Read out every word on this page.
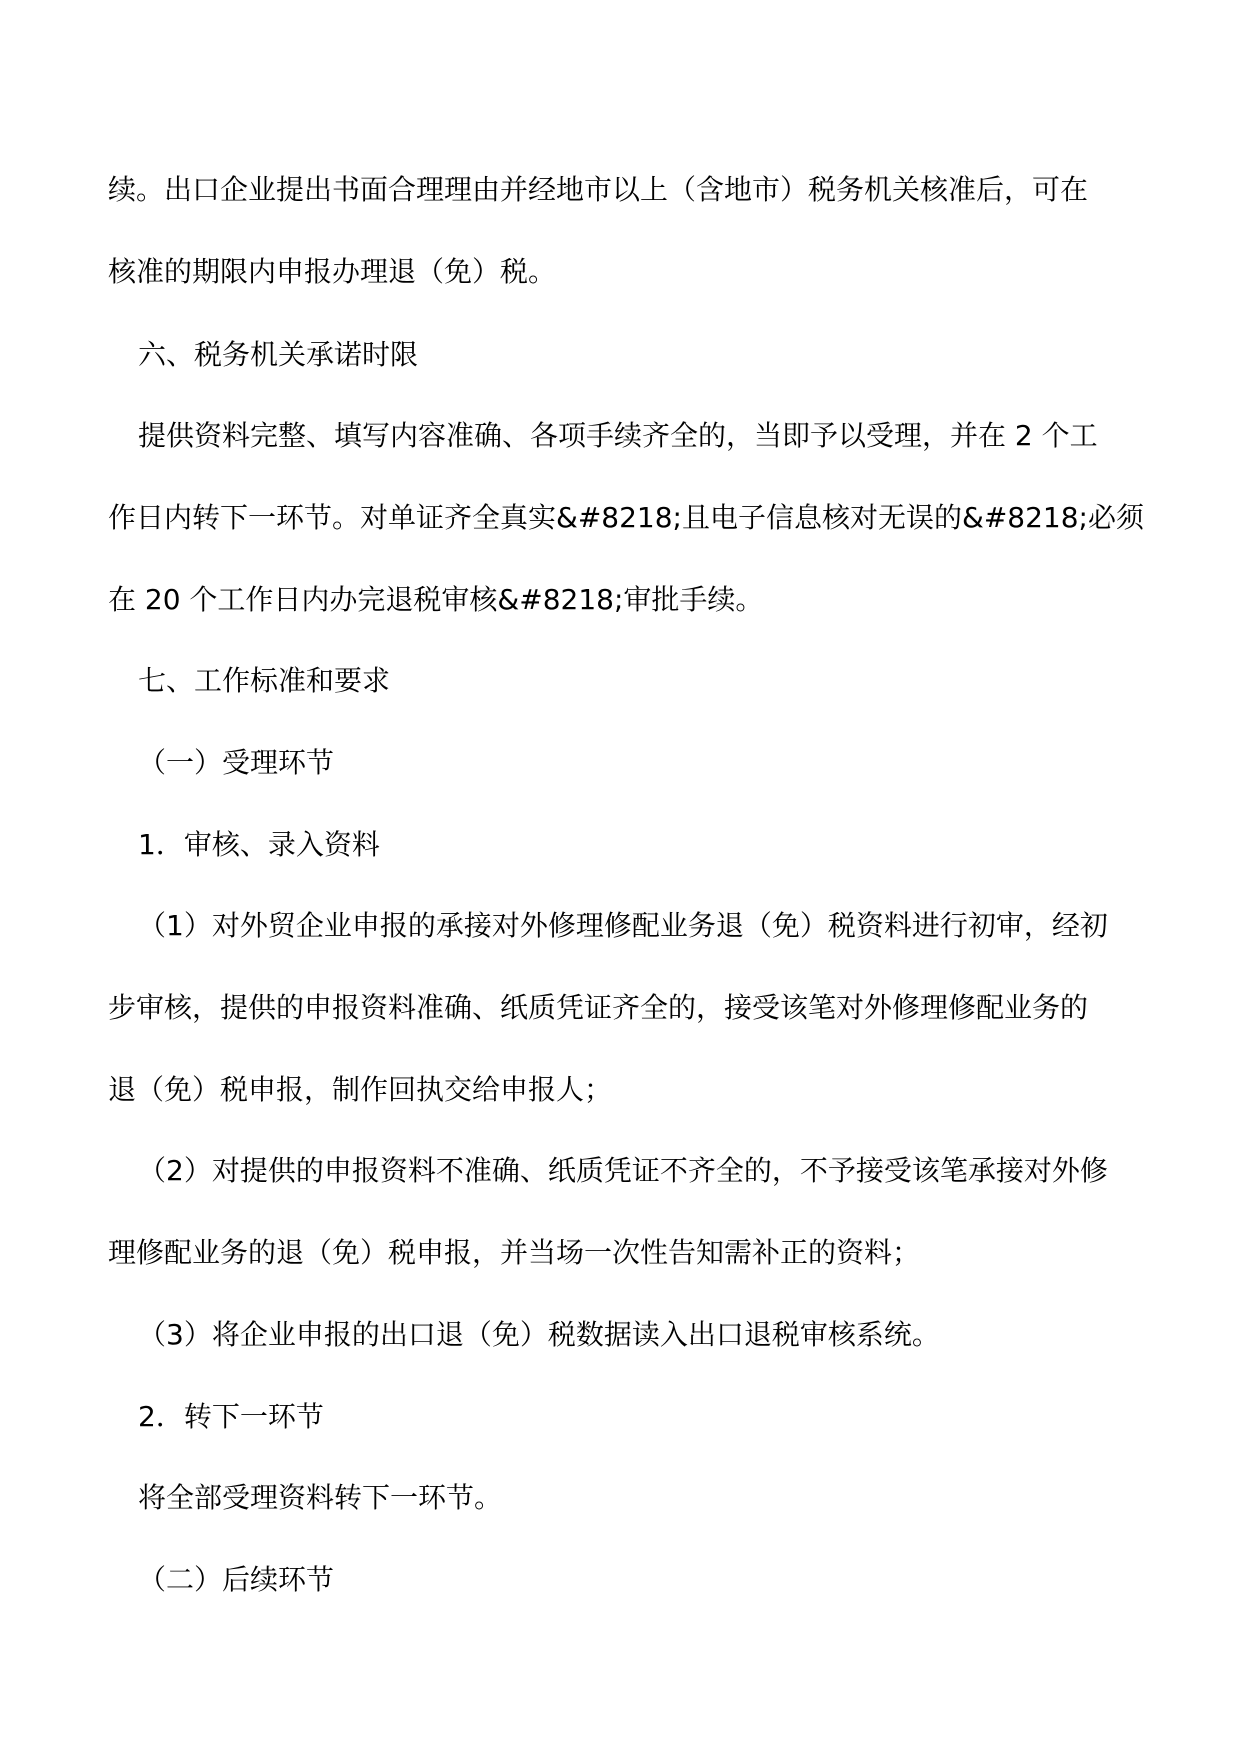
续。出口企业提出书面合理理由并经地市以上（含地市）税务机关核准后，可在
核准的期限内申报办理退（免）税。
六、税务机关承诺时限
提供资料完整、填写内容准确、各项手续齐全的，当即予以受理，并在 2 个工
作日内转下一环节。对单证齐全真实&#8218;且电子信息核对无误的&#8218;必须
在 20 个工作日内办完退税审核&#8218;审批手续。
七、工作标准和要求
（一）受理环节
1．审核、录入资料
（1）对外贸企业申报的承接对外修理修配业务退（免）税资料进行初审，经初
步审核，提供的申报资料准确、纸质凭证齐全的，接受该笔对外修理修配业务的
退（免）税申报，制作回执交给申报人；
（2）对提供的申报资料不准确、纸质凭证不齐全的，不予接受该笔承接对外修
理修配业务的退（免）税申报，并当场一次性告知需补正的资料；
（3）将企业申报的出口退（免）税数据读入出口退税审核系统。
2．转下一环节
将全部受理资料转下一环节。
（二）后续环节
